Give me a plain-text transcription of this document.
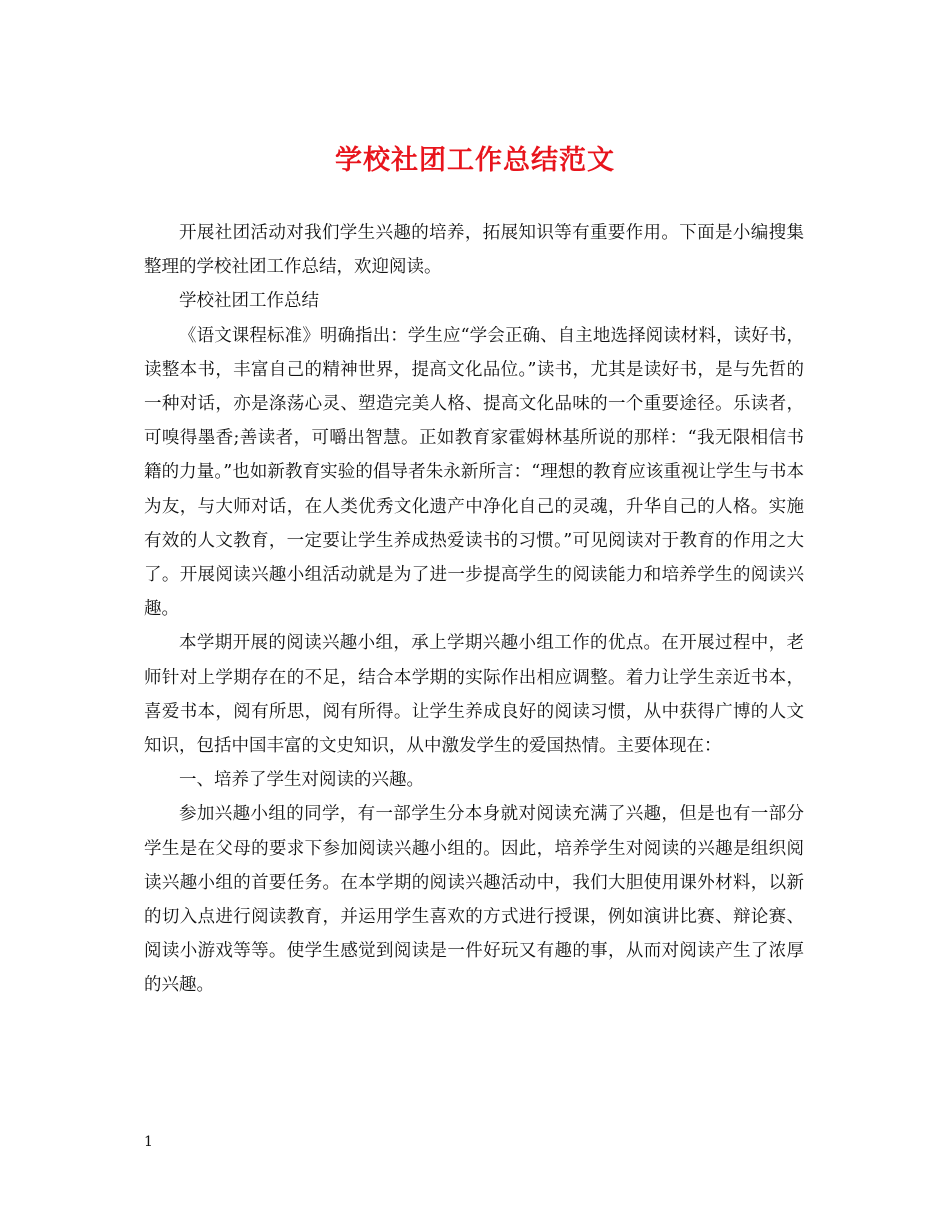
学校社团工作总结范文

开展社团活动对我们学生兴趣的培养，拓展知识等有重要作用。下面是小编搜集整理的学校社团工作总结，欢迎阅读。

学校社团工作总结

《语文课程标准》明确指出：学生应“学会正确、自主地选择阅读材料，读好书，读整本书，丰富自己的精神世界，提高文化品位。”读书，尤其是读好书，是与先哲的一种对话，亦是涤荡心灵、塑造完美人格、提高文化品味的一个重要途径。乐读者，可嗅得墨香;善读者，可嚼出智慧。正如教育家霍姆林基所说的那样：“我无限相信书籍的力量。”也如新教育实验的倡导者朱永新所言：“理想的教育应该重视让学生与书本为友，与大师对话，在人类优秀文化遗产中净化自己的灵魂，升华自己的人格。实施有效的人文教育，一定要让学生养成热爱读书的习惯。”可见阅读对于教育的作用之大了。开展阅读兴趣小组活动就是为了进一步提高学生的阅读能力和培养学生的阅读兴趣。

本学期开展的阅读兴趣小组，承上学期兴趣小组工作的优点。在开展过程中，老师针对上学期存在的不足，结合本学期的实际作出相应调整。着力让学生亲近书本，喜爱书本，阅有所思，阅有所得。让学生养成良好的阅读习惯，从中获得广博的人文知识，包括中国丰富的文史知识，从中激发学生的爱国热情。主要体现在：

一、培养了学生对阅读的兴趣。

参加兴趣小组的同学，有一部学生分本身就对阅读充满了兴趣，但是也有一部分学生是在父母的要求下参加阅读兴趣小组的。因此，培养学生对阅读的兴趣是组织阅读兴趣小组的首要任务。在本学期的阅读兴趣活动中，我们大胆使用课外材料，以新的切入点进行阅读教育，并运用学生喜欢的方式进行授课，例如演讲比赛、辩论赛、阅读小游戏等等。使学生感觉到阅读是一件好玩又有趣的事，从而对阅读产生了浓厚的兴趣。

1
